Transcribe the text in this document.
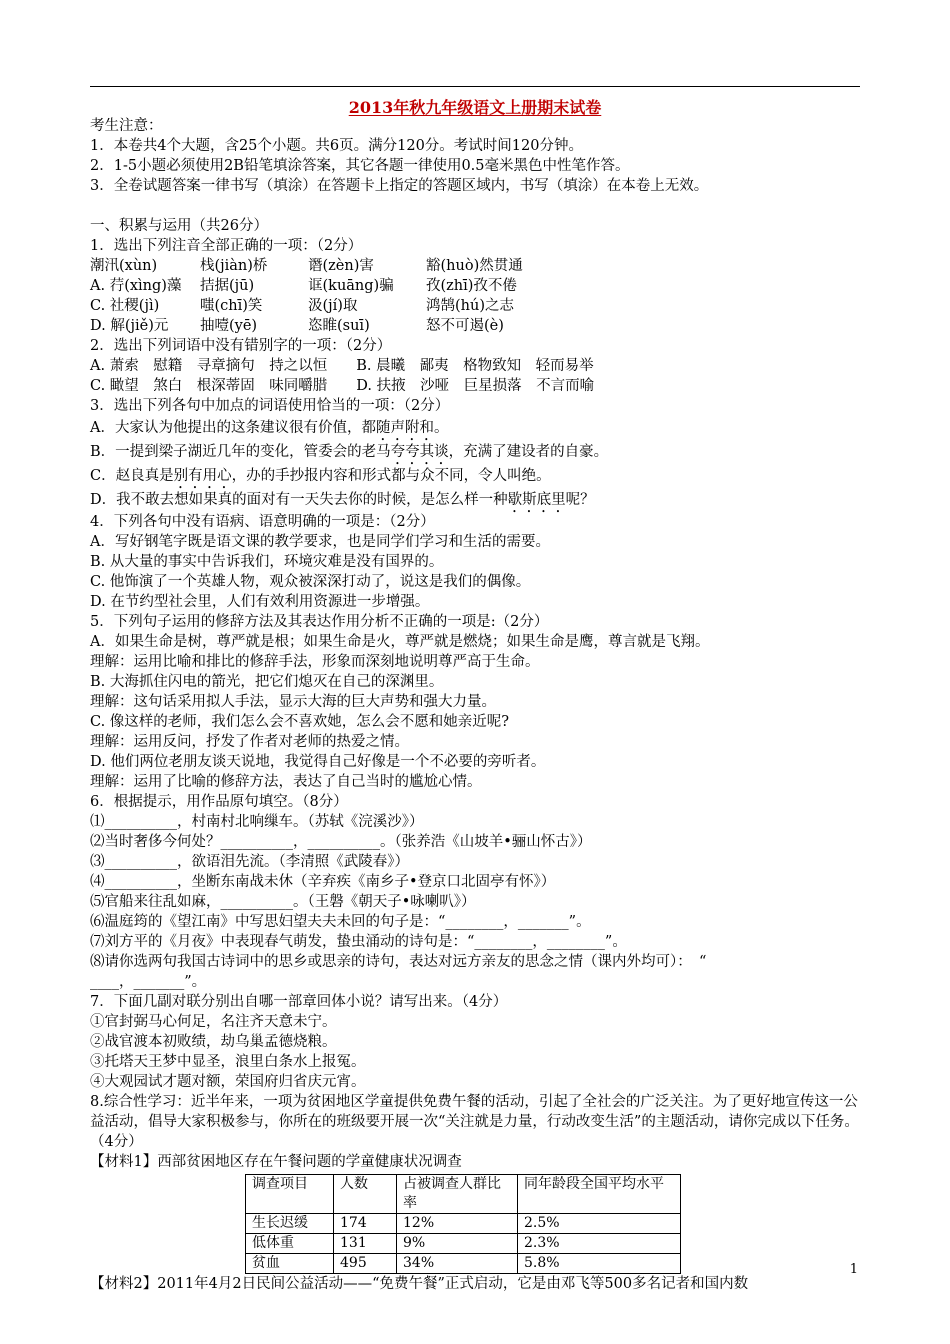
2013年秋九年级语文上册期末试卷
考生注意：
1．本卷共4个大题，含25个小题。共6页。满分120分。考试时间120分钟。
2．1-5小题必须使用2B铅笔填涂答案，其它各题一律使用0.5毫米黑色中性笔作答。
3．全卷试题答案一律书写（填涂）在答题卡上指定的答题区域内，书写（填涂）在本卷上无效。
一、积累与运用（共26分）
1．选出下列注音全部正确的一项：（2分）
潮汛(xùn)	栈(jiàn)桥	谮(zèn)害	豁(huò)然贯通
A. 荇(xìng)藻 拮据(jū)	诓(kuāng)骗 孜(zhī)孜不倦
C. 社稷(jì)	嗤(chī)笑	汲(jí)取	鸿鹄(hú)之志
D. 解(jiě)元 抽噎(yē)	恣睢(suī)	怒不可遏(è)
2．选出下列词语中没有错别字的一项：（2分）
A. 萧索　慰籍　寻章摘句　持之以恒　　 B. 晨曦　鄙夷　格物致知　轻而易举
C. 瞰望　煞白　根深蒂固　味同嚼腊　　 D. 扶掖　沙哑　巨星损落　不言而喻
3．选出下列各句中加点的词语使用恰当的一项：（2分）
A．大家认为他提出的这条建议很有价值，都随声附和。
B．一提到梁子湖近几年的变化，管委会的老马夸夸其谈，充满了建设者的自豪。
C．赵良真是别有用心，办的手抄报内容和形式都与众不同，令人叫绝。
D．我不敢去想如果真的面对有一天失去你的时候，是怎么样一种歇斯底里呢？
4．下列各句中没有语病、语意明确的一项是：（2分）
A．写好钢笔字既是语文课的教学要求，也是同学们学习和生活的需要。
B. 从大量的事实中告诉我们，环境灾难是没有国界的。
C. 他饰演了一个英雄人物，观众被深深打动了，说这是我们的偶像。
D. 在节约型社会里，人们有效利用资源进一步增强。
5．下列句子运用的修辞方法及其表达作用分析不正确的一项是:（2分）
A．如果生命是树，尊严就是根；如果生命是火，尊严就是燃烧；如果生命是鹰，尊言就是飞翔。
理解：运用比喻和排比的修辞手法，形象而深刻地说明尊严高于生命。
B. 大海抓住闪电的箭光，把它们熄灭在自己的深渊里。
理解：这句话采用拟人手法，显示大海的巨大声势和强大力量。
C. 像这样的老师，我们怎么会不喜欢她，怎么会不愿和她亲近呢?
理解：运用反问，抒发了作者对老师的热爱之情。
D. 他们两位老朋友谈天说地，我觉得自己好像是一个不必要的旁听者。
理解：运用了比喻的修辞方法，表达了自己当时的尴尬心情。
6．根据提示，用作品原句填空。（8分）
⑴__________，村南村北响缫车。（苏轼《浣溪沙》）
⑵当时奢侈今何处？__________，__________。（张养浩《山坡羊•骊山怀古》）
⑶__________，欲语泪先流。（李清照《武陵春》）
⑷__________，坐断东南战未休（辛弃疾《南乡子•登京口北固亭有怀》）
⑸官船来往乱如麻，__________。（王磐《朝天子•咏喇叭》）
⑹温庭筠的《望江南》中写思妇望夫夫未回的句子是：“________，_______”。
⑺刘方平的《月夜》中表现春气萌发，蛰虫涌动的诗句是：“________，________”。
⑻请你选两句我国古诗词中的思乡或思亲的诗句，表达对远方亲友的思念之情（课内外均可）：　“
____，_______”。
7．下面几副对联分别出自哪一部章回体小说？请写出来。（4分）
①官封弼马心何足，名注齐天意未宁。
②战官渡本初败绩，劫乌巢孟德烧粮。
③托塔天王梦中显圣，浪里白条水上报冤。
④大观园试才题对额，荣国府归省庆元宵。
8.综合性学习：近半年来，一项为贫困地区学童提供免费午餐的活动，引起了全社会的广泛关注。为了更好地宣传这一公益活动，倡导大家积极参与，你所在的班级要开展一次“关注就是力量，行动改变生活”的主题活动，请你完成以下任务。（4分）
【材料1】西部贫困地区存在午餐问题的学童健康状况调查
调查项目	人数	占被调查人群比率	同年龄段全国平均水平
生长迟缓	174	12%	2.5%
低体重	131	9%	2.3%
贫血	495	34%	5.8%
【材料2】2011年4月2日民间公益活动——“免费午餐”正式启动，它是由邓飞等500多名记者和国内数
1
